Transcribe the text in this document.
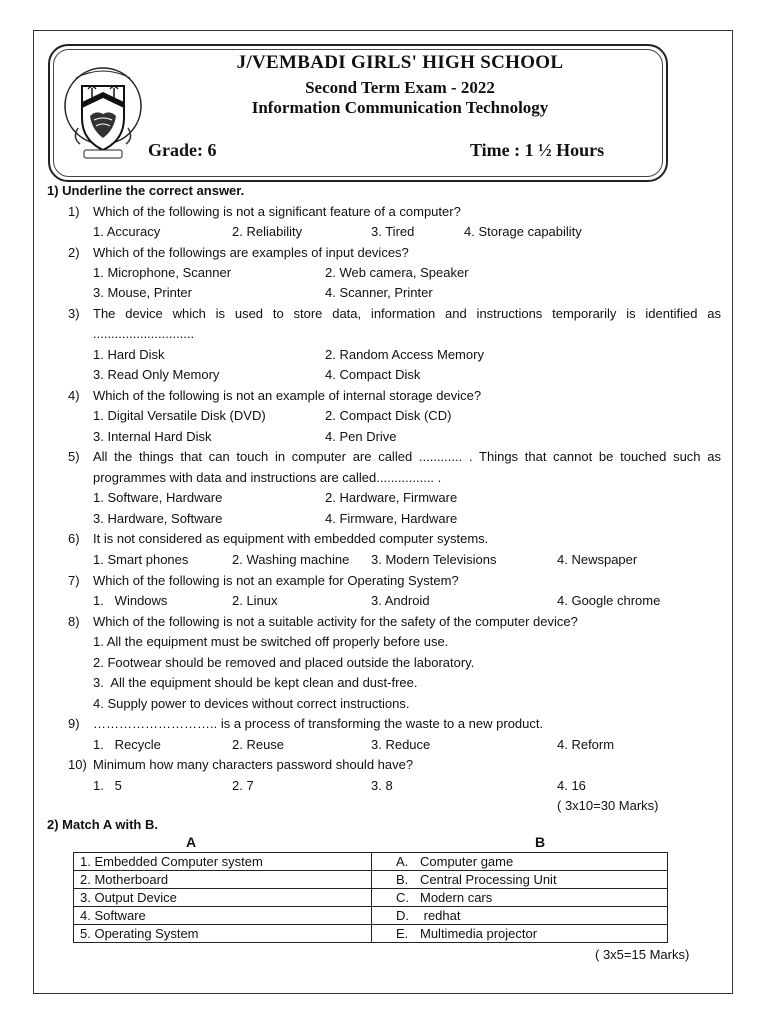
J/VEMBADI GIRLS' HIGH SCHOOL
Second Term Exam - 2022
Information Communication Technology
Grade: 6	Time : 1 ½ Hours
1) Underline the correct answer.
1) Which of the following is not a significant feature of a computer?
1. Accuracy	2. Reliability	3. Tired	4. Storage capability
2) Which of the followings are examples of input devices?
1. Microphone, Scanner	2. Web camera, Speaker
3. Mouse, Printer	4. Scanner, Printer
3) The device which is used to store data, information and instructions temporarily is identified as
............................
1. Hard Disk	2. Random Access Memory
3. Read Only Memory	4. Compact Disk
4) Which of the following is not an example of internal storage device?
1. Digital Versatile Disk (DVD)	2. Compact Disk (CD)
3. Internal Hard Disk	4. Pen Drive
5) All the things that can touch in computer are called ............ . Things that cannot be touched such as
programmes with data and instructions are called................ .
1. Software, Hardware	2. Hardware, Firmware
3. Hardware, Software	4. Firmware, Hardware
6) It is not considered as equipment with embedded computer systems.
1. Smart phones	2. Washing machine 3. Modern Televisions	4. Newspaper
7) Which of the following is not an example for Operating System?
1.   Windows	2. Linux	3. Android	4. Google chrome
8) Which of the following is not a suitable activity for the safety of the computer device?
1. All the equipment must be switched off properly before use.
2. Footwear should be removed and placed outside the laboratory.
3.  All the equipment should be kept clean and dust-free.
4. Supply power to devices without correct instructions.
9) ……………………….. is a process of transforming the waste to a new product.
1.   Recycle	2. Reuse	3. Reduce	4. Reform
10) Minimum how many characters password should have?
1.   5	2. 7	3. 8	4. 16
( 3x10=30 Marks)
2) Match A with B.
A	B
1. Embedded Computer system	A. Computer game
2. Motherboard	B. Central Processing Unit
3. Output Device	C. Modern cars
4. Software	D. redhat
5. Operating System	E. Multimedia projector
( 3x5=15 Marks)
